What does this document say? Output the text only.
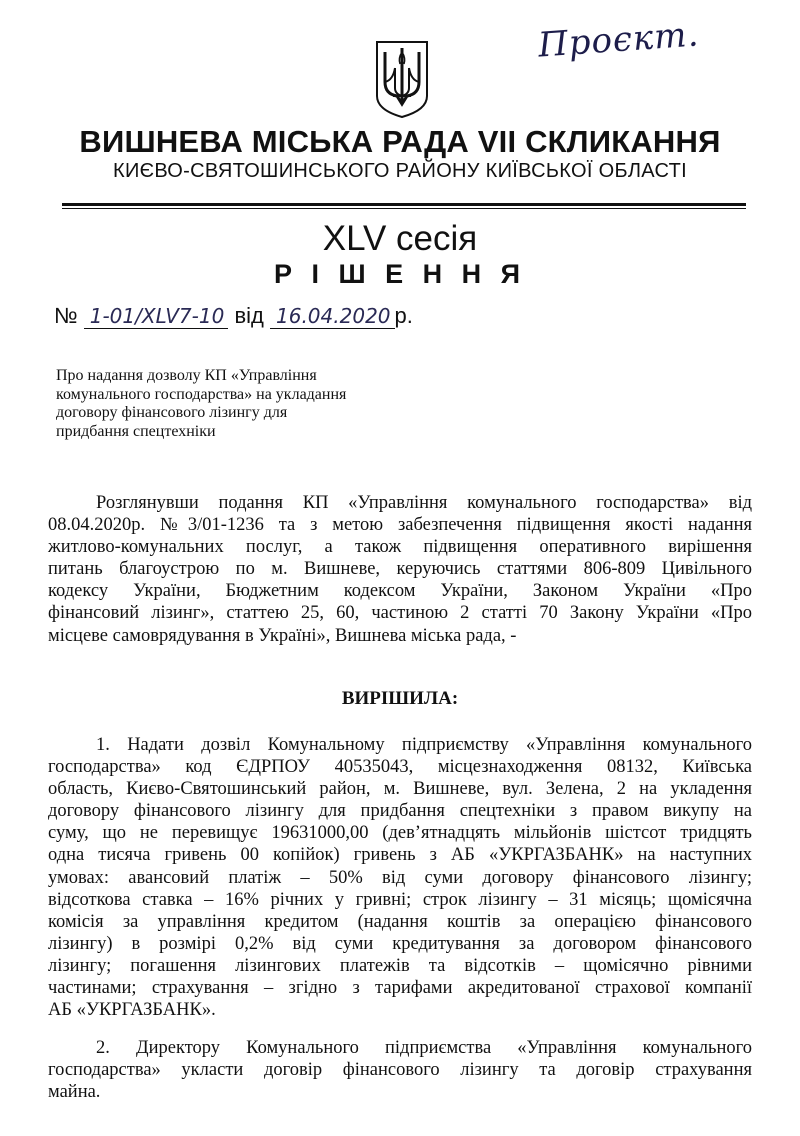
Проєкт.
ВИШНЕВА МІСЬКА РАДА VII СКЛИКАННЯ
КИЄВО-СВЯТОШИНСЬКОГО РАЙОНУ КИЇВСЬКОЇ ОБЛАСТІ
XLV сесія
Р І Ш Е Н Н Я
№ 1-01/XLV7-10 від 16.04.2020 р.
Про надання дозволу КП «Управління
комунального господарства» на укладання
договору фінансового лізингу для
придбання спецтехніки
Розглянувши подання КП «Управління комунального господарства» від
08.04.2020р. №3/01-1236 та з метою забезпечення підвищення якості надання
житлово-комунальних послуг, а також підвищення оперативного вирішення
питань благоустрою по м. Вишневе, керуючись статтями 806-809 Цивільного
кодексу України, Бюджетним кодексом України, Законом України «Про
фінансовий лізинг», статтею 25, 60, частиною 2 статті 70 Закону України «Про
місцеве самоврядування в Україні», Вишнева міська рада, -
ВИРІШИЛА:
1. Надати дозвіл Комунальному підприємству «Управління комунального
господарства» код ЄДРПОУ 40535043, місцезнаходження 08132, Київська
область, Києво-Святошинський район, м. Вишневе, вул. Зелена, 2 на укладення
договору фінансового лізингу для придбання спецтехніки з правом викупу на
суму, що не перевищує 19631000,00 (дев’ятнадцять мільйонів шістсот тридцять
одна тисяча гривень 00 копійок) гривень з АБ «УКРГАЗБАНК» на наступних
умовах: авансовий платіж – 50% від суми договору фінансового лізингу;
відсоткова ставка – 16% річних у гривні; строк лізингу – 31 місяць; щомісячна
комісія за управління кредитом (надання коштів за операцією фінансового
лізингу) в розмірі 0,2% від суми кредитування за договором фінансового
лізингу; погашення лізингових платежів та відсотків – щомісячно рівними
частинами; страхування – згідно з тарифами акредитованої страхової компанії
АБ «УКРГАЗБАНК».
2. Директору Комунального підприємства «Управління комунального
господарства» укласти договір фінансового лізингу та договір страхування
майна.
